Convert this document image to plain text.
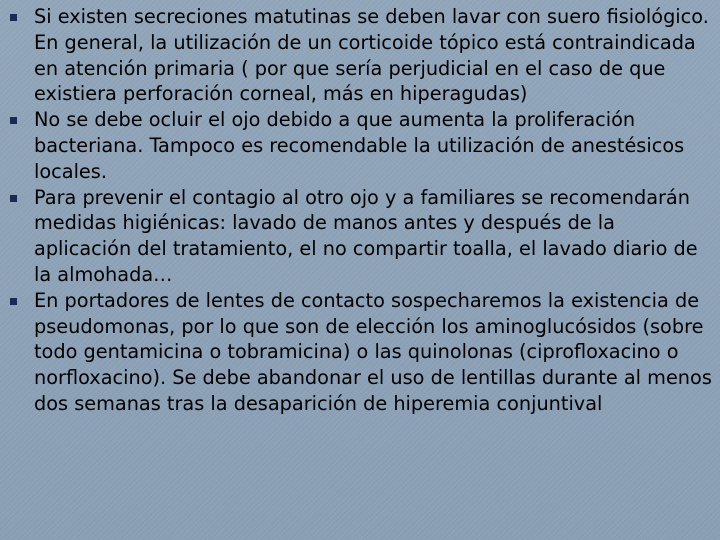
Si existen secreciones matutinas se deben lavar con suero fisiológico. En general, la utilización de un corticoide tópico está contraindicada en atención primaria ( por que sería perjudicial en el caso de que existiera perforación corneal, más en hiperagudas)
No se debe ocluir el ojo debido a que aumenta la proliferación bacteriana. Tampoco es recomendable la utilización de anestésicos locales.
Para prevenir el contagio al otro ojo y a familiares se recomendarán medidas higiénicas: lavado de manos antes y después de la aplicación del tratamiento, el no compartir toalla, el lavado diario de la almohada…
En portadores de lentes de contacto sospecharemos la existencia de pseudomonas, por lo que son de elección los aminoglucósidos (sobre todo gentamicina o tobramicina) o las quinolonas (ciprofloxacino o norfloxacino). Se debe abandonar el uso de lentillas durante al menos dos semanas tras la desaparición de hiperemia conjuntival
